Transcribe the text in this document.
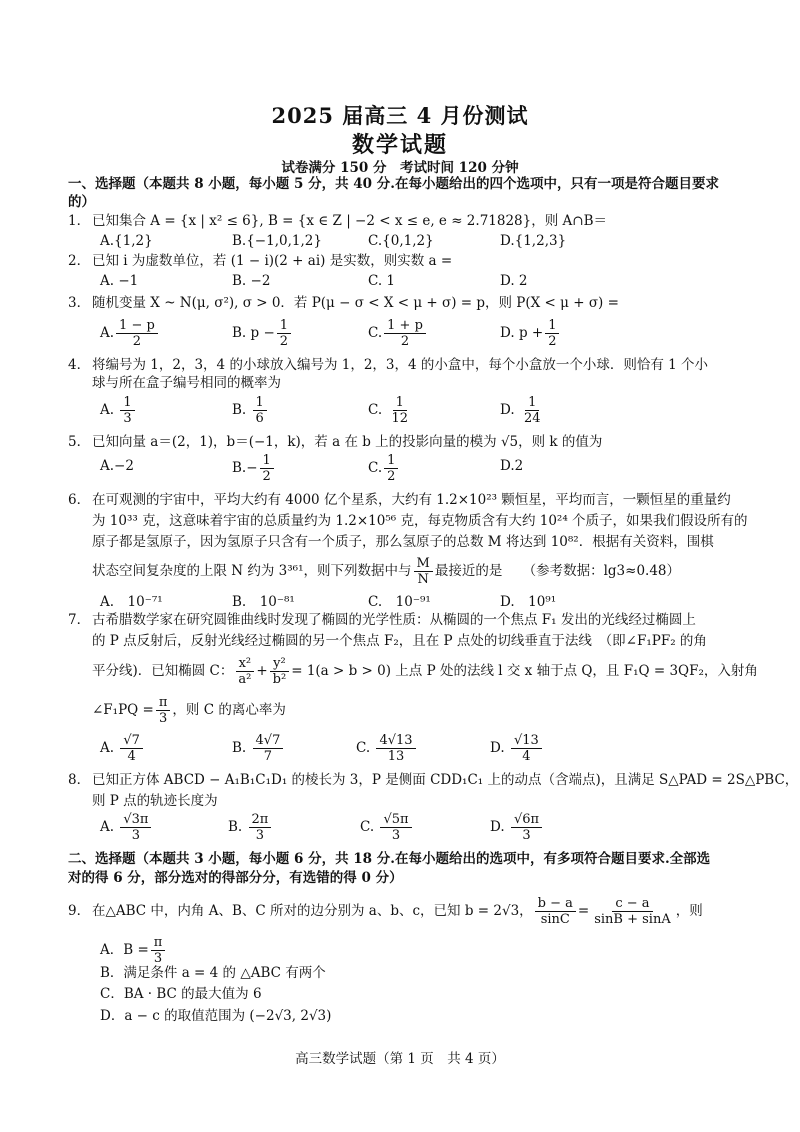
2025 届高三 4 月份测试
数学试题
试卷满分 150 分　考试时间 120 分钟
一、选择题（本题共 8 小题，每小题 5 分，共 40 分.在每小题给出的四个选项中，只有一项是符合题目要求
的）
1． 已知集合 A = {x | x² ≤ 6}, B = {x ∈ Z | −2 < x ≤ e, e ≈ 2.71828}，则 A∩B＝
A.{1,2}	B.{−1,0,1,2}	C.{0,1,2}	D.{1,2,3}
2． 已知 i 为虚数单位，若 (1 − i)(2 + ai) 是实数，则实数 a =
A. −1	B. −2	C. 1	D. 2
3． 随机变量 X ~ N(μ, σ²), σ > 0．若 P(μ − σ < X < μ + σ) = p，则 P(X < μ + σ) =
A. $\frac{1 - p}{2}$	B. $p - \frac{1}{2}$	C. $\frac{1 + p}{2}$	D. $p + \frac{1}{2}$
4． 将编号为 1，2，3，4 的小球放入编号为 1，2，3，4 的小盒中，每个小盒放一个小球．则恰有 1 个小
球与所在盒子编号相同的概率为
A. $\frac{1}{3}$	B. $\frac{1}{6}$	C. $\frac{1}{12}$	D. $\frac{1}{24}$
5． 已知向量 a＝(2，1)，b＝(−1，k)，若 a 在 b 上的投影向量的模为 √5，则 k 的值为
A.−2	$B.- \frac{1}{2}$	C. $\frac{1}{2}$	D.2
6． 在可观测的宇宙中，平均大约有 4000 亿个星系，大约有 1.2×10²³ 颗恒星，平均而言，一颗恒星的重量约
为 10³³ 克，这意味着宇宙的总质量约为 1.2×10⁵⁶ 克，每克物质含有大约 10²⁴ 个质子，如果我们假设所有的
原子都是氢原子，因为氢原子只含有一个质子，那么氢原子的总数 M 将达到 10⁸²．根据有关资料，围棋
状态空间复杂度的上限 N 约为 3³⁶¹，则下列数据中与 $\frac{M}{N}$ 最接近的是　　（参考数据：lg3≈0.48）
A.　10⁻⁷¹	B.　10⁻⁸¹	C.　10⁻⁹¹	D.　10⁹¹
7． 古希腊数学家在研究圆锥曲线时发现了椭圆的光学性质：从椭圆的一个焦点 F₁ 发出的光线经过椭圆上
的 P 点反射后，反射光线经过椭圆的另一个焦点 F₂，且在 P 点处的切线垂直于法线　（即∠F₁PF₂ 的角
平分线)．已知椭圆 C： $\frac{\text{x²}}{\text{a²}} + \frac{\text{y²}}{\text{b²}} = 1(a > b > 0)$ 上点 P 处的法线 l 交 x 轴于点 Q，且 F₁Q = 3QF₂，入射角
∠F₁PQ = $\frac{\pi}{3}$ ，则 C 的离心率为
A. $\frac{√7}{4}$	B. $\frac{4√7}{7}$	C. $\frac{4√13}{13}$	D. $\frac{√13}{4}$
8． 已知正方体 ABCD − A₁B₁C₁D₁ 的棱长为 3，P 是侧面 CDD₁C₁ 上的动点（含端点)，且满足 S△PAD = 2S△PBC，
则 P 点的轨迹长度为
A. $\frac{√3\pi}{3}$	B. $\frac{2\pi}{3}$	C. $\frac{√5\pi}{3}$	D. $\frac{√6\pi}{3}$
二、选择题（本题共 3 小题，每小题 6 分，共 18 分.在每小题给出的选项中，有多项符合题目要求.全部选
对的得 6 分，部分选对的得部分分，有选错的得 0 分）
9． 在△ABC 中，内角 A、B、C 所对的边分别为 a、b、c，已知 b = 2√3， $\frac{b - a}{\sin C} = \frac{c - a}{\sin B + \sin A}$ ，则
A．$B = \frac{\pi}{3}$
B．满足条件 a = 4 的 △ABC 有两个
C．BA · BC 的最大值为 6
D．a − c 的取值范围为 (−2√3, 2√3)
高三数学试题（第 1 页　共 4 页）
